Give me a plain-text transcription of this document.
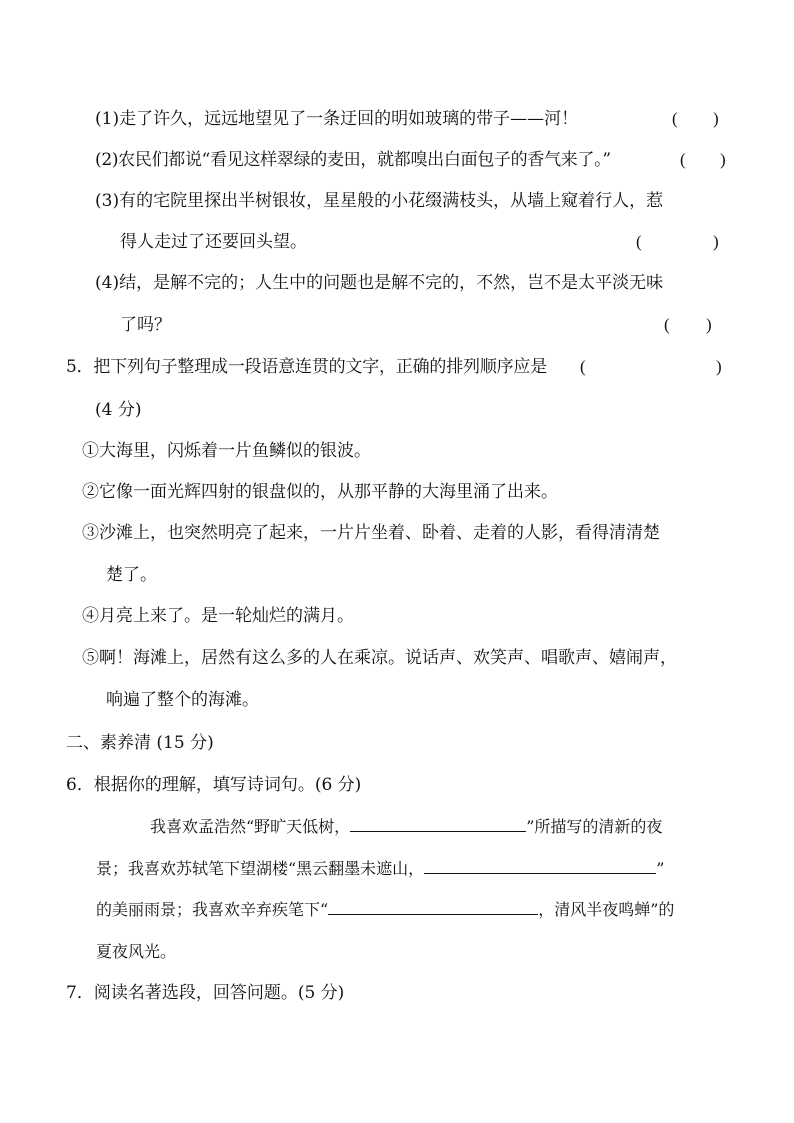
(1)走了许久，远远地望见了一条迂回的明如玻璃的带子——河！	( )
(2)农民们都说“看见这样翠绿的麦田，就都嗅出白面包子的香气来了。”	( )
(3)有的宅院里探出半树银妆，星星般的小花缀满枝头，从墙上窥着行人，惹
得人走过了还要回头望。	(	)
(4)结，是解不完的；人生中的问题也是解不完的，不然，岂不是太平淡无味
了吗？	( )
5．把下列句子整理成一段语意连贯的文字，正确的排列顺序应是 (	)
(4 分)
①大海里，闪烁着一片鱼鳞似的银波。
②它像一面光辉四射的银盘似的，从那平静的大海里涌了出来。
③沙滩上，也突然明亮了起来，一片片坐着、卧着、走着的人影，看得清清楚
楚了。
④月亮上来了。是一轮灿烂的满月。
⑤啊！海滩上，居然有这么多的人在乘凉。说话声、欢笑声、唱歌声、嬉闹声，
响遍了整个的海滩。
二、素养清 (15 分)
6．根据你的理解，填写诗词句。(6 分)
我喜欢孟浩然“野旷天低树，	”所描写的清新的夜
景；我喜欢苏轼笔下望湖楼“黑云翻墨未遮山，	”
的美丽雨景；我喜欢辛弃疾笔下“	，清风半夜鸣蝉”的
夏夜风光。
7．阅读名著选段，回答问题。(5 分)
